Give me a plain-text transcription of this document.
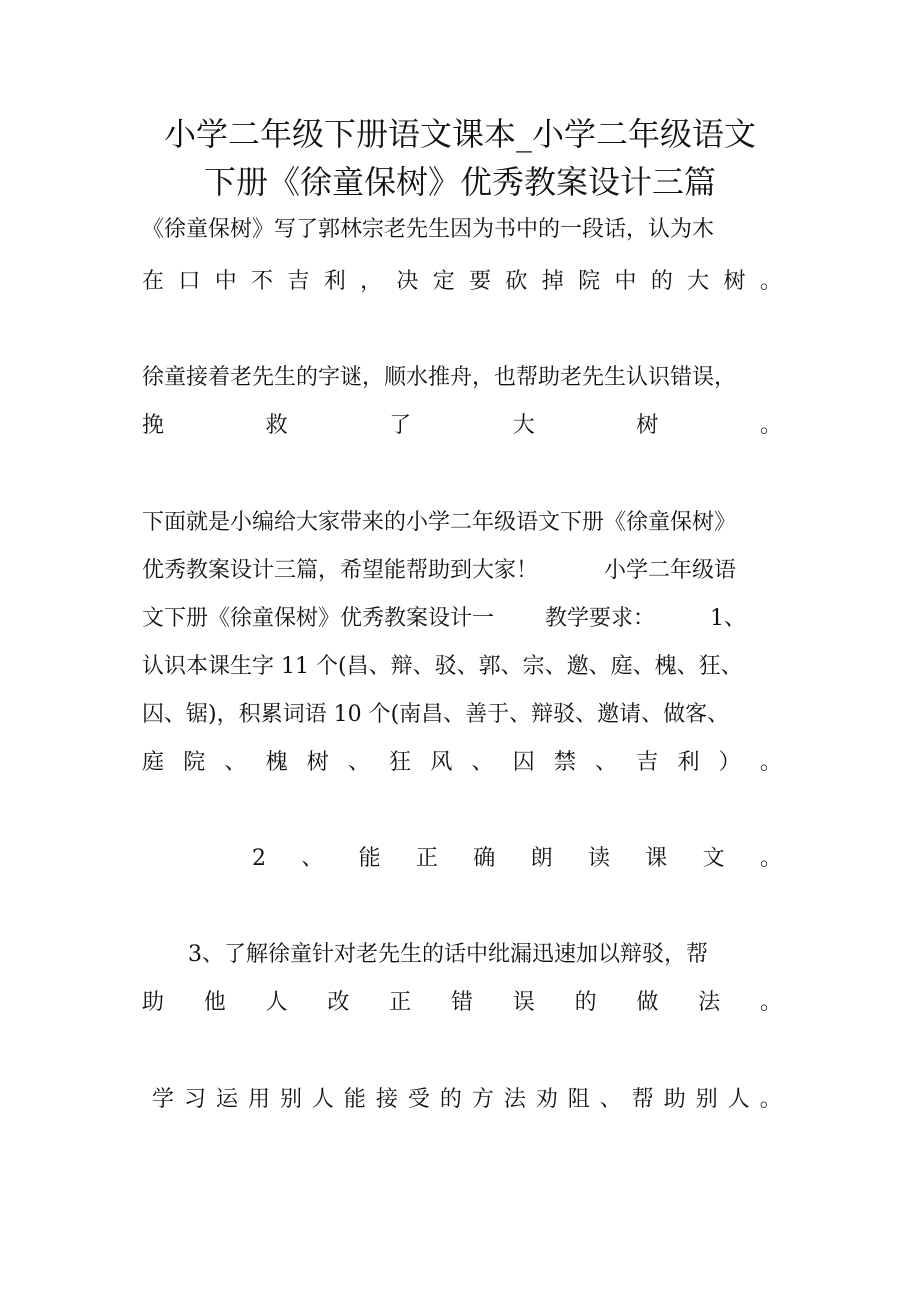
小学二年级下册语文课本_小学二年级语文
下册《徐童保树》优秀教案设计三篇
《徐童保树》写了郭林宗老先生因为书中的一段话，认为木
在 口 中 不 吉 利 ， 决 定 要 砍 掉 院 中 的 大 树 。
徐童接着老先生的字谜，顺水推舟，也帮助老先生认识错误，
挽	救	了	大	树	。
下面就是小编给大家带来的小学二年级语文下册《徐童保树》
优秀教案设计三篇，希望能帮助到大家！　　　小学二年级语
文下册《徐童保树》优秀教案设计一　　 教学要求：　　　1、
认识本课生字 11 个(昌、辩、驳、郭、宗、邀、庭、槐、狂、
囚、锯)，积累词语 10 个(南昌、善于、辩驳、邀请、做客、
庭 院 、 槐 树 、 狂 风 、 囚 禁 、 吉 利 ） 。
2 、 能 正 确 朗 读 课 文 。
3、了解徐童针对老先生的话中纰漏迅速加以辩驳，帮
助 他 人 改 正 错 误 的 做 法 。
学 习 运 用 别 人 能 接 受 的 方 法 劝 阻 、 帮 助 别 人 。
